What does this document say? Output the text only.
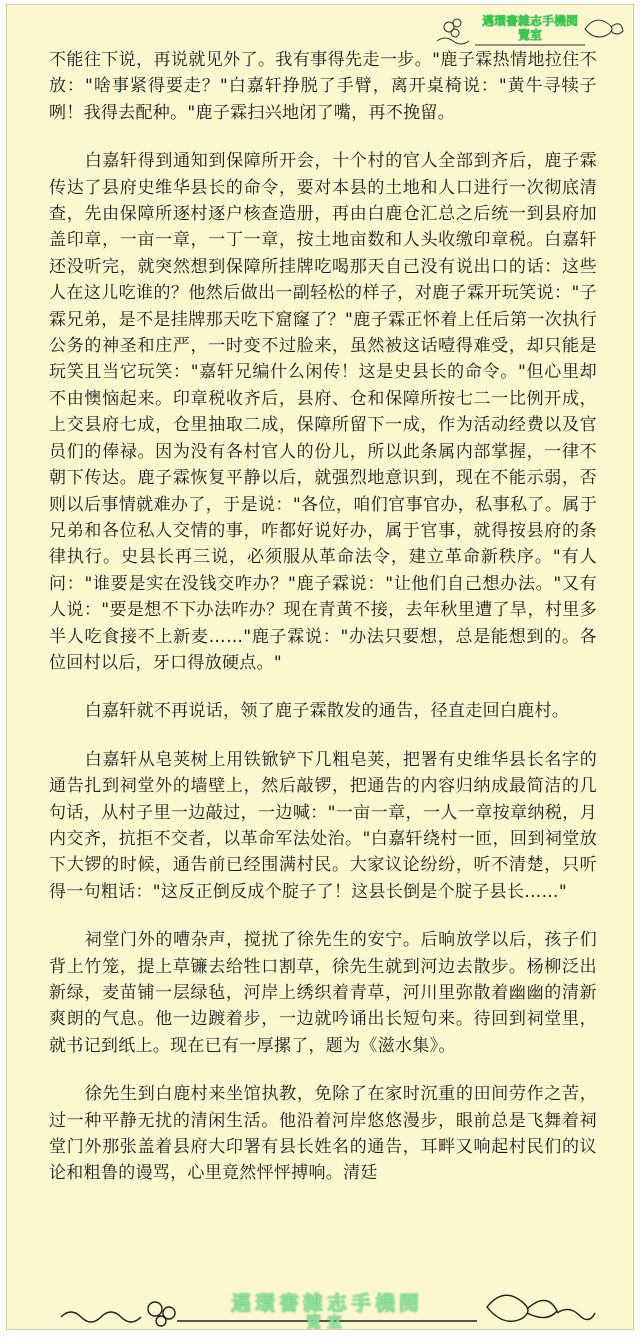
邁環書雜志手機閱
覽室

不能往下说，再说就见外了。我有事得先走一步。"鹿子霖热情地拉住不放："啥事紧得要走？"白嘉轩挣脱了手臂，离开桌椅说："黄牛寻犊子咧！我得去配种。"鹿子霖扫兴地闭了嘴，再不挽留。

白嘉轩得到通知到保障所开会，十个村的官人全部到齐后，鹿子霖传达了县府史维华县长的命令，要对本县的土地和人口进行一次彻底清查，先由保障所逐村逐户核查造册，再由白鹿仓汇总之后统一到县府加盖印章，一亩一章，一丁一章，按土地亩数和人头收缴印章税。白嘉轩还没听完，就突然想到保障所挂牌吃喝那天自己没有说出口的话：这些人在这儿吃谁的？他然后做出一副轻松的样子，对鹿子霖开玩笑说："子霖兄弟，是不是挂牌那天吃下窟窿了？"鹿子霖正怀着上任后第一次执行公务的神圣和庄严，一时变不过脸来，虽然被这话噎得难受，却只能是玩笑且当它玩笑："嘉轩兄编什么闲传！这是史县长的命令。"但心里却不由懊恼起来。印章税收齐后，县府、仓和保障所按七二一比例开成，上交县府七成，仓里抽取二成，保障所留下一成，作为活动经费以及官员们的俸禄。因为没有各村官人的份儿，所以此条属内部掌握，一律不朝下传达。鹿子霖恢复平静以后，就强烈地意识到，现在不能示弱，否则以后事情就难办了，于是说："各位，咱们官事官办，私事私了。属于兄弟和各位私人交情的事，咋都好说好办，属于官事，就得按县府的条律执行。史县长再三说，必须服从革命法令，建立革命新秩序。"有人问："谁要是实在没钱交咋办？"鹿子霖说："让他们自己想办法。"又有人说："要是想不下办法咋办？现在青黄不接，去年秋里遭了旱，村里多半人吃食接不上新麦……"鹿子霖说："办法只要想，总是能想到的。各位回村以后，牙口得放硬点。"

白嘉轩就不再说话，领了鹿子霖散发的通告，径直走回白鹿村。

白嘉轩从皂荚树上用铁锨铲下几粗皂荚，把署有史维华县长名字的通告扎到祠堂外的墙壁上，然后敲锣，把通告的内容归纳成最简洁的几句话，从村子里一边敲过，一边喊："一亩一章，一人一章按章纳税，月内交齐，抗拒不交者，以革命军法处治。"白嘉轩绕村一匝，回到祠堂放下大锣的时候，通告前已经围满村民。大家议论纷纷，听不清楚，只听得一句粗话："这反正倒反成个腚子了！这县长倒是个腚子县长……"

祠堂门外的嘈杂声，搅扰了徐先生的安宁。后晌放学以后，孩子们背上竹笼，提上草镰去给牲口割草，徐先生就到河边去散步。杨柳泛出新绿，麦苗铺一层绿毡，河岸上绣织着青草，河川里弥散着幽幽的清新爽朗的气息。他一边踱着步，一边就吟诵出长短句来。待回到祠堂里，就书记到纸上。现在已有一厚摞了，题为《滋水集》。

徐先生到白鹿村来坐馆执教，免除了在家时沉重的田间劳作之苦，过一种平静无扰的清闲生活。他沿着河岸悠悠漫步，眼前总是飞舞着祠堂门外那张盖着县府大印署有县长姓名的通告，耳畔又响起村民们的议论和粗鲁的谩骂，心里竟然怦怦搏响。清廷

邁環書雜志手機閱
覽室
